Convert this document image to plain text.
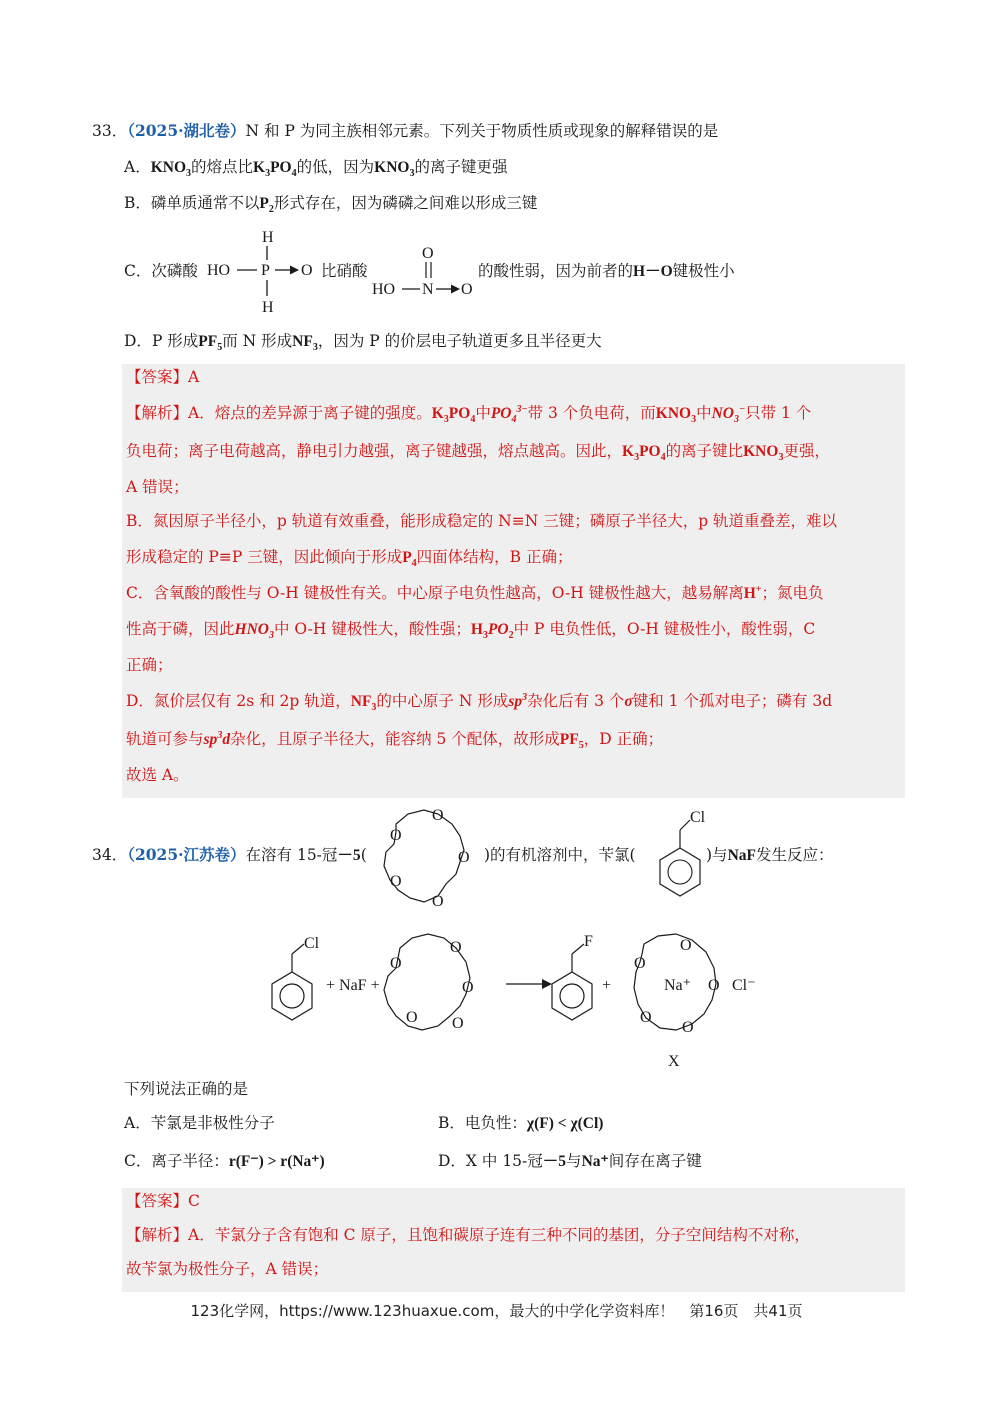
33．（2025·湖北卷）N 和 P 为同主族相邻元素。下列关于物质性质或现象的解释错误的是
A．$KNO_3$的熔点比$K_3PO_4$的低，因为$KNO_3$的离子键更强
B．磷单质通常不以$P_2$形式存在，因为磷磷之间难以形成三键
C．次磷酸
H
HO P O
H
比硝酸
O
HO N O
的酸性弱，因为前者的H－O键极性小
D．P 形成$PF_5$而 N 形成$NF_3$，因为 P 的价层电子轨道更多且半径更大
【答案】A
【解析】A．熔点的差异源于离子键的强度。$K_3PO_4$中$PO_4^{3-}$带 3 个负电荷，而$KNO_3$中$NO_3^-$只带 1 个
负电荷；离子电荷越高，静电引力越强，离子键越强，熔点越高。因此，$K_3PO_4$的离子键比$KNO_3$更强，
A 错误；
B．氮因原子半径小，p 轨道有效重叠，能形成稳定的 N≡N 三键；磷原子半径大，p 轨道重叠差，难以
形成稳定的 P≡P 三键，因此倾向于形成$P_4$四面体结构，B 正确；
C．含氧酸的酸性与 O-H 键极性有关。中心原子电负性越高，O-H 键极性越大，越易解离H+；氮电负
性高于磷，因此$HNO_3$中 O-H 键极性大，酸性强；$H_3PO_2$中 P 电负性低，O-H 键极性小，酸性弱，C
正确；
D．氮价层仅有 2s 和 2p 轨道，$NF_3$的中心原子 N 形成$sp^3$杂化后有 3 个σ键和 1 个孤对电子；磷有 3d
轨道可参与$sp^3d$杂化，且原子半径大，能容纳 5 个配体，故形成$PF_5$，D 正确；
故选 A。
34．（2025·江苏卷）在溶有 15-冠－5(
O
O
O
O
O
)的有机溶剂中，苄氯(
Cl
)与NaF发生反应：
Cl
+ NaF +
O
O
O
O
O
F
+
O
O
O
O
O
Na⁺	Cl⁻
X
下列说法正确的是
A．苄氯是非极性分子	B．电负性：χ(F) < χ(Cl)
C．离子半径：r(F⁻) > r(Na⁺)	D．X 中 15-冠－5与Na⁺间存在离子键
【答案】C
【解析】A．苄氯分子含有饱和 C 原子，且饱和碳原子连有三种不同的基团，分子空间结构不对称，
故苄氯为极性分子，A 错误；
123化学网，https://www.123huaxue.com，最大的中学化学资料库！　第16页　共41页
